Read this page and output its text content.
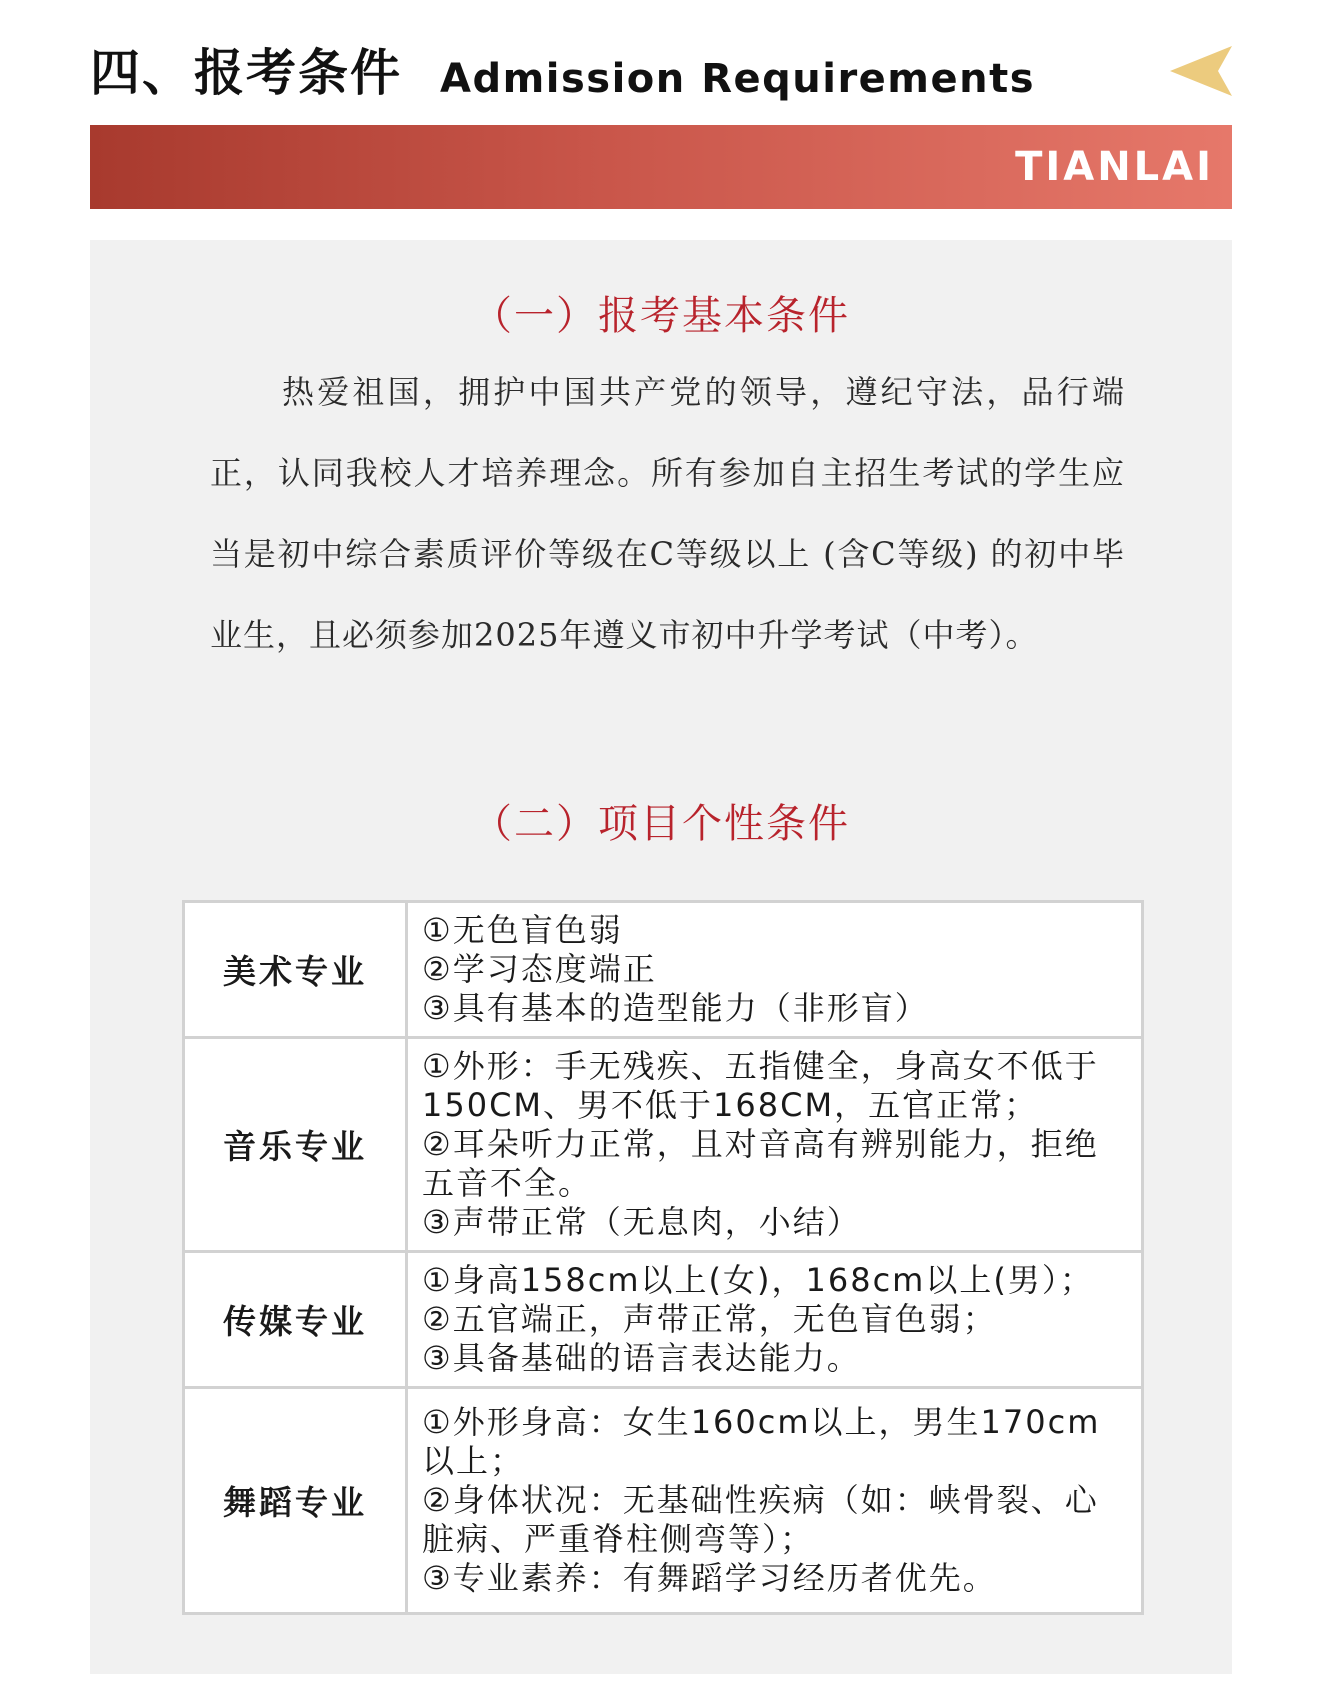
四、报考条件 Admission Requirements
TIANLAI
（一）报考基本条件

热爱祖国，拥护中国共产党的领导，遵纪守法，品行端正，认同我校人才培养理念。所有参加自主招生考试的学生应当是初中综合素质评价等级在C等级以上 (含C等级) 的初中毕业生，且必须参加2025年遵义市初中升学考试（中考）。

（二）项目个性条件
美术专业	①无色盲色弱
②学习态度端正
③具有基本的造型能力（非形盲）

音乐专业	①外形：手无残疾、五指健全，身高女不低于150CM、男不低于168CM，五官正常；
②耳朵听力正常，且对音高有辨别能力，拒绝五音不全。
③声带正常（无息肉，小结）

传媒专业	①身高158cm以上(女)，168cm以上(男）；
②五官端正，声带正常，无色盲色弱；
③具备基础的语言表达能力。

舞蹈专业	①外形身高：女生160cm以上，男生170cm以上；
②身体状况：无基础性疾病（如：峡骨裂、心脏病、严重脊柱侧弯等）；
③专业素养：有舞蹈学习经历者优先。
